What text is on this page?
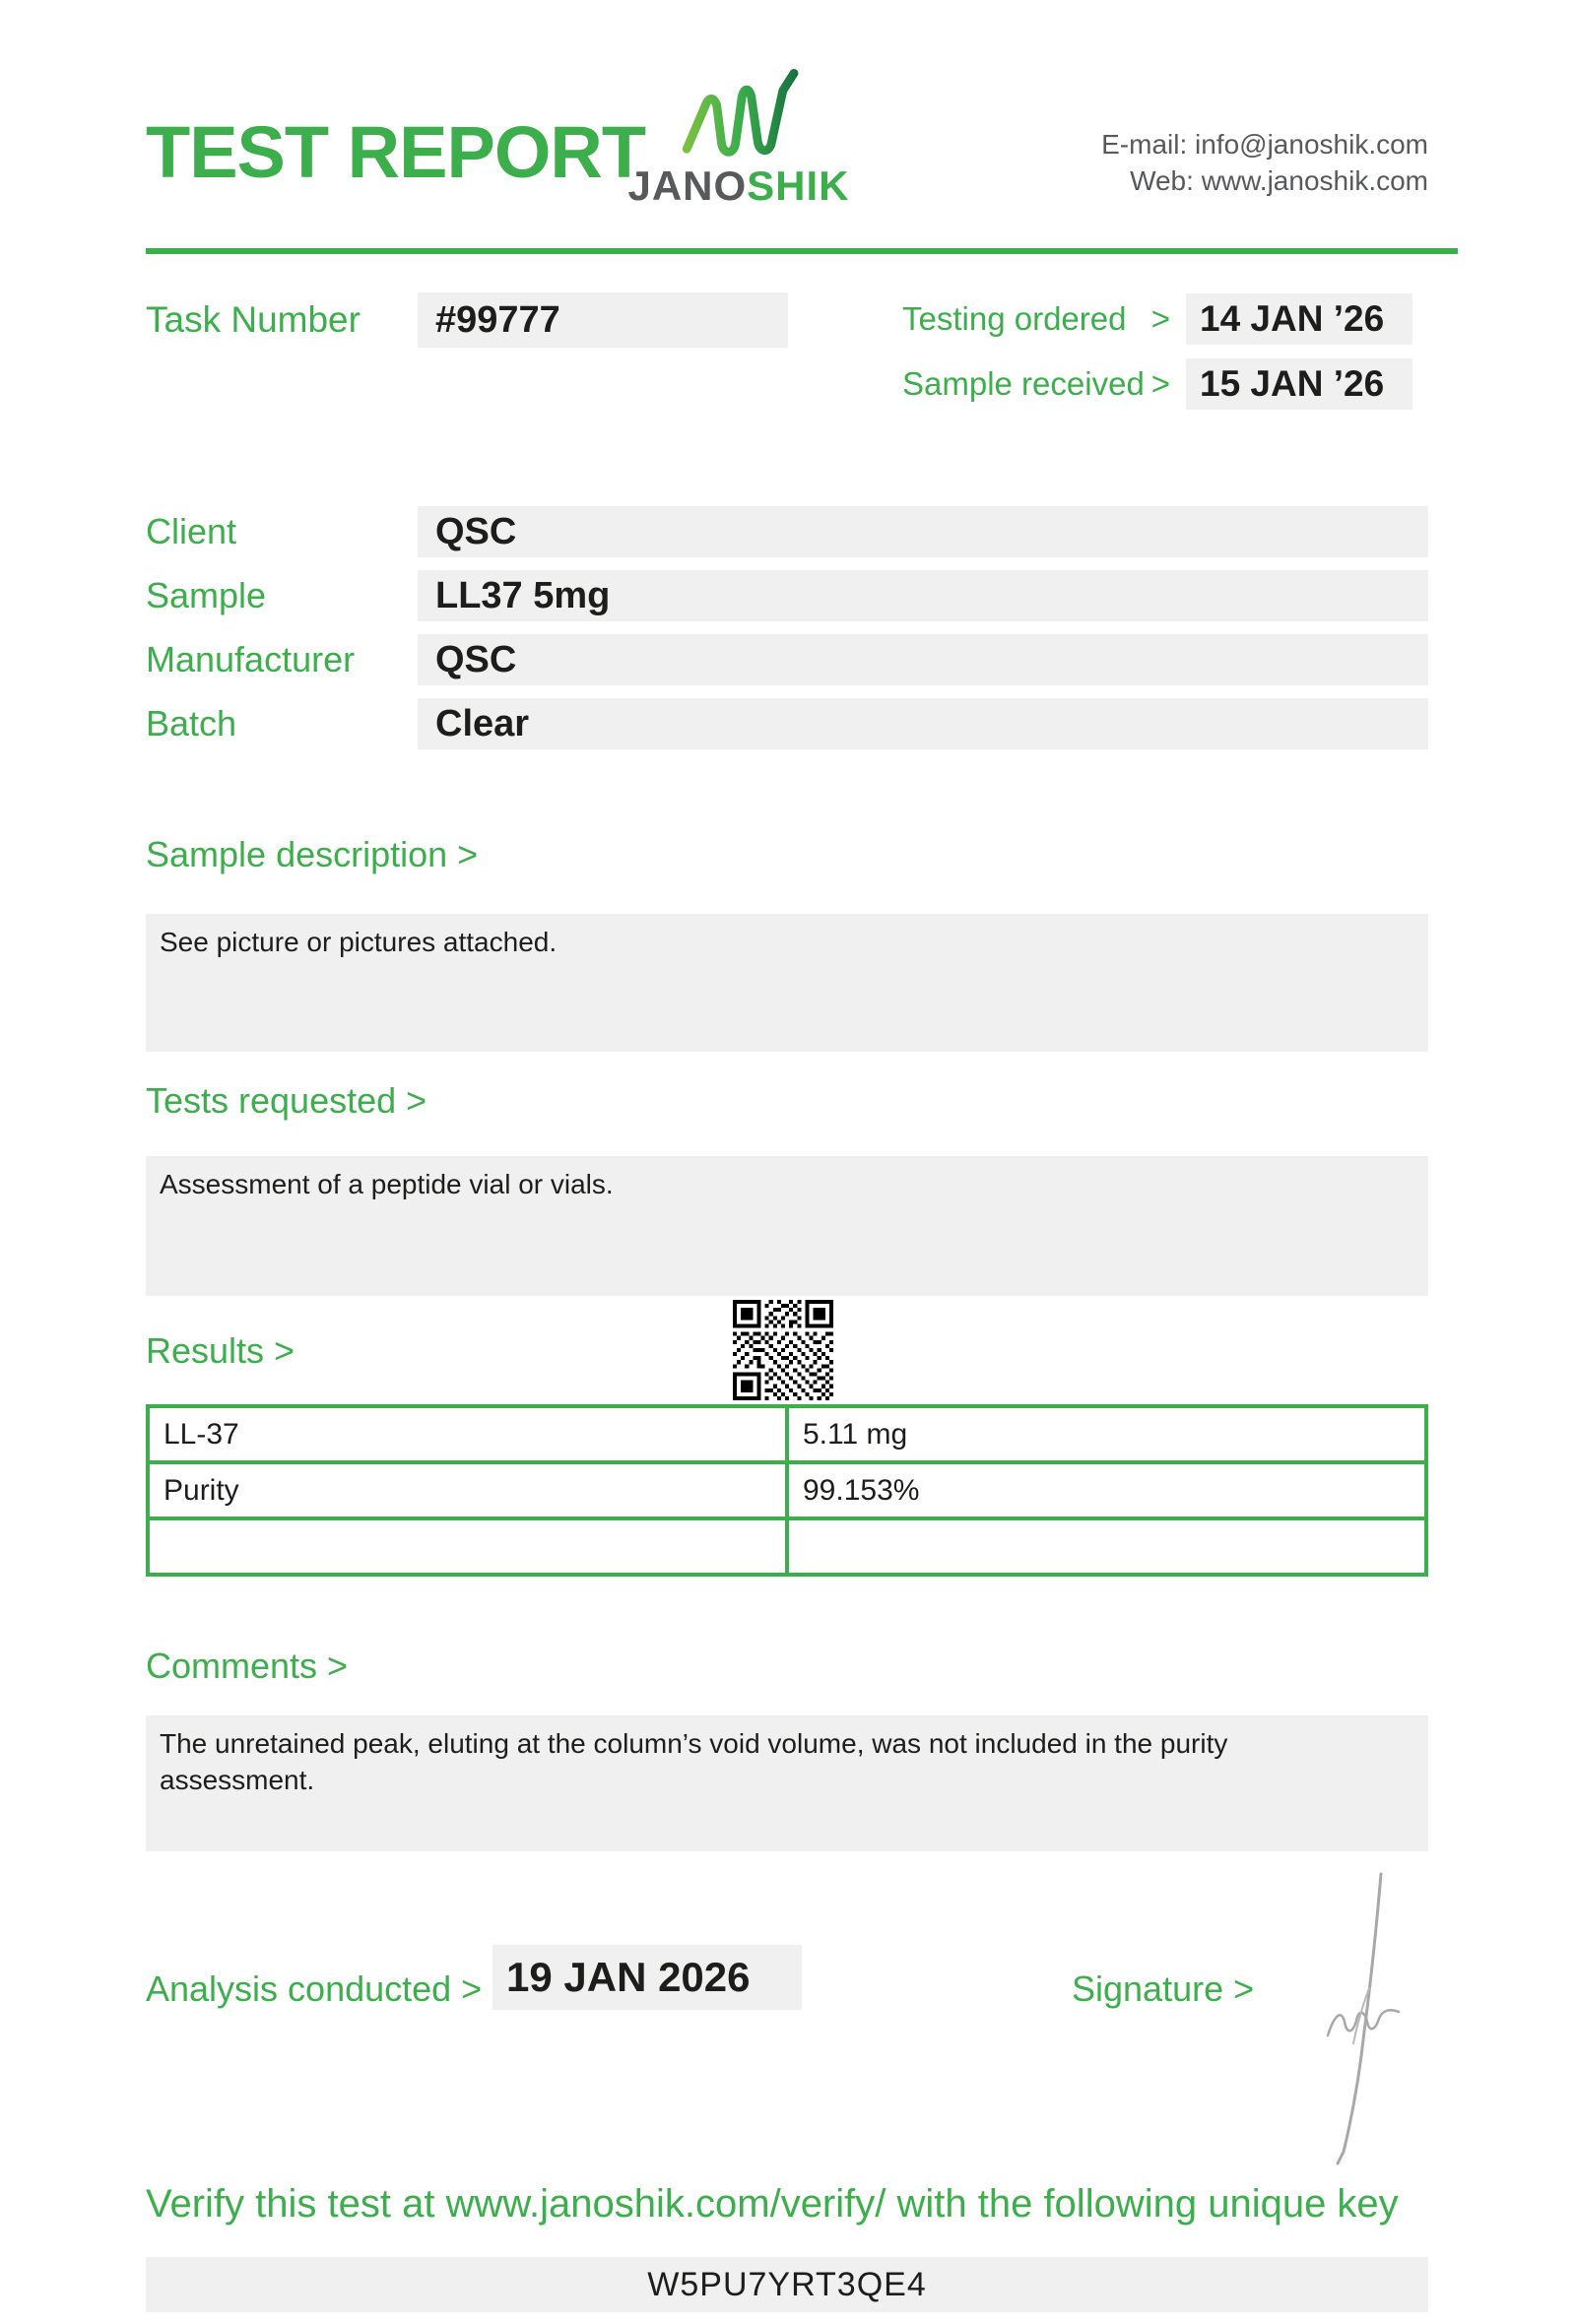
TEST REPORT
JANOSHIK
E-mail: info@janoshik.com
Web: www.janoshik.com
Task Number #99777	Testing ordered > 14 JAN ’26
Sample received > 15 JAN ’26
Client	QSC
Sample	LL37 5mg
Manufacturer QSC
Batch	Clear
Sample description >
See picture or pictures attached.
Tests requested >
Assessment of a peptide vial or vials.
Results >
LL-37	5.11 mg
Purity	99.153%

Comments >
The unretained peak, eluting at the column’s void volume, was not included in the purity assessment.
Analysis conducted > 19 JAN 2026	Signature >
Verify this test at www.janoshik.com/verify/ with the following unique key
W5PU7YRT3QE4
